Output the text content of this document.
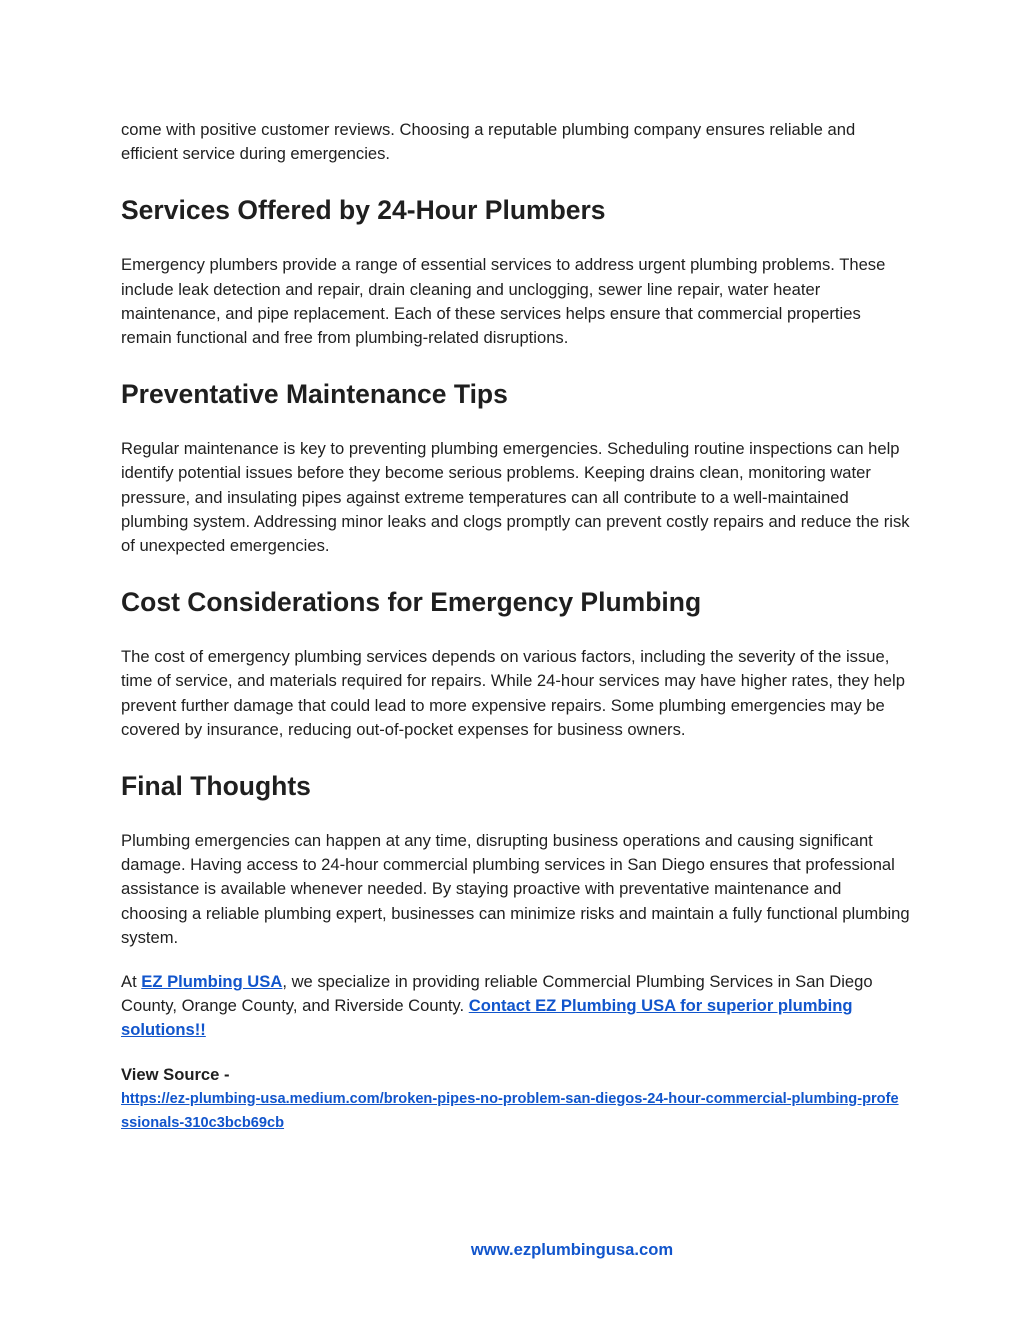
come with positive customer reviews. Choosing a reputable plumbing company ensures reliable and efficient service during emergencies.

Services Offered by 24-Hour Plumbers

Emergency plumbers provide a range of essential services to address urgent plumbing problems. These include leak detection and repair, drain cleaning and unclogging, sewer line repair, water heater maintenance, and pipe replacement. Each of these services helps ensure that commercial properties remain functional and free from plumbing-related disruptions.

Preventative Maintenance Tips

Regular maintenance is key to preventing plumbing emergencies. Scheduling routine inspections can help identify potential issues before they become serious problems. Keeping drains clean, monitoring water pressure, and insulating pipes against extreme temperatures can all contribute to a well-maintained plumbing system. Addressing minor leaks and clogs promptly can prevent costly repairs and reduce the risk of unexpected emergencies.

Cost Considerations for Emergency Plumbing

The cost of emergency plumbing services depends on various factors, including the severity of the issue, time of service, and materials required for repairs. While 24-hour services may have higher rates, they help prevent further damage that could lead to more expensive repairs. Some plumbing emergencies may be covered by insurance, reducing out-of-pocket expenses for business owners.

Final Thoughts

Plumbing emergencies can happen at any time, disrupting business operations and causing significant damage. Having access to 24-hour commercial plumbing services in San Diego ensures that professional assistance is available whenever needed. By staying proactive with preventative maintenance and choosing a reliable plumbing expert, businesses can minimize risks and maintain a fully functional plumbing system.

At EZ Plumbing USA, we specialize in providing reliable Commercial Plumbing Services in San Diego County, Orange County, and Riverside County. Contact EZ Plumbing USA for superior plumbing solutions!!

View Source -

https://ez-plumbing-usa.medium.com/broken-pipes-no-problem-san-diegos-24-hour-commercial-plumbing-professionals-310c3bcb69cb

www.ezplumbingusa.com
